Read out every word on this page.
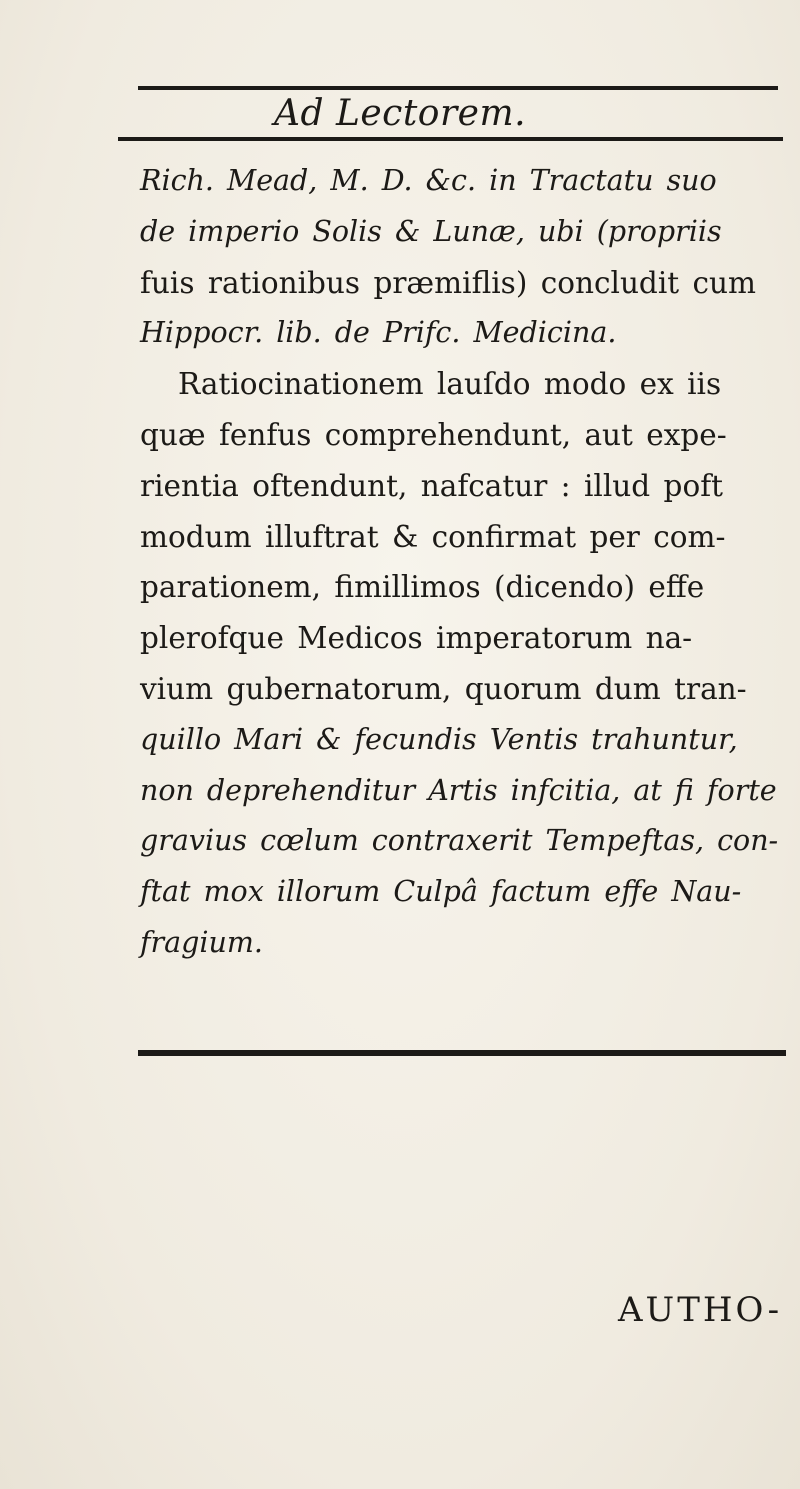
Ad Lectorem.
Rich. Mead, M. D. &c. in Tractatu suo
de imperio Solis & Lunæ, ubi (propriis
fuis rationibus præmiflis) concludit cum
Hippocr. lib. de Prifc. Medicina.
Ratiocinationem lauſdo modo ex iis
quæ fenfus comprehendunt, aut expe-
rientia oftendunt, nafcatur : illud poft
modum illuftrat & confirmat per com-
parationem, fimillimos (dicendo) effe
plerofque Medicos imperatorum na-
vium gubernatorum, quorum dum tran-
quillo Mari & fecundis Ventis trahuntur,
non deprehenditur Artis infcitia, at fi forte
gravius cœlum contraxerit Tempeftas, con-
ftat mox illorum Culpâ factum effe Nau-
fragium.
AUTHO-
